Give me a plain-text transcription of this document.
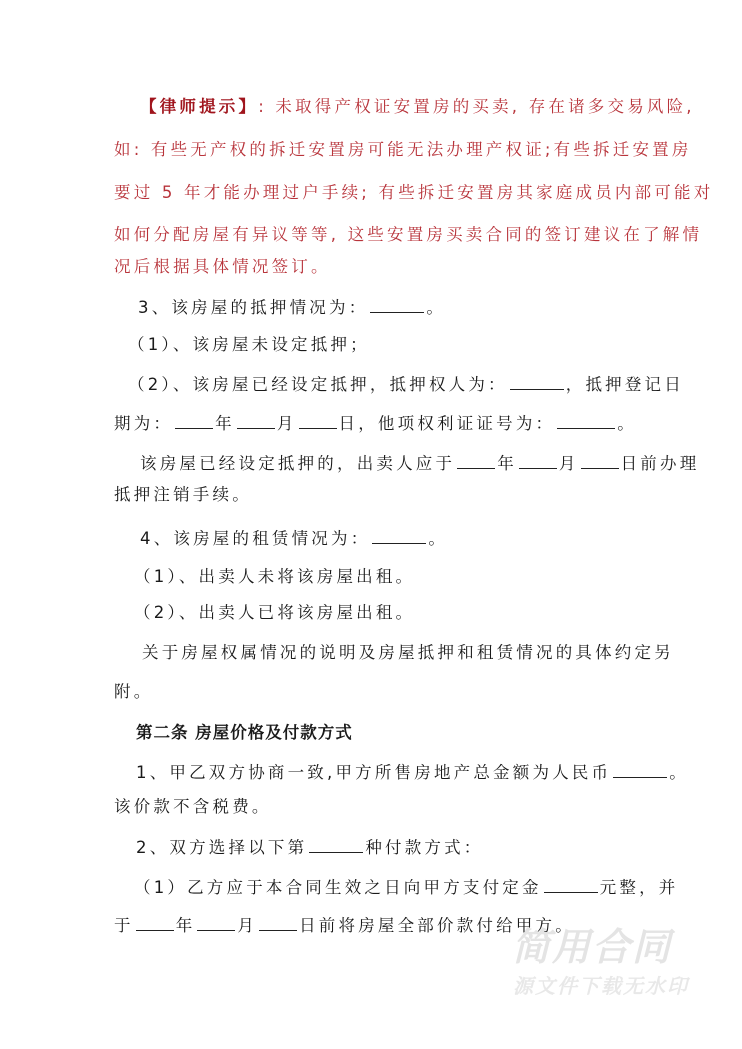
【律师提示】: 未取得产权证安置房的买卖, 存在诸多交易风险,
如: 有些无产权的拆迁安置房可能无法办理产权证;有些拆迁安置房
要过 5 年才能办理过户手续; 有些拆迁安置房其家庭成员内部可能对
如何分配房屋有异议等等, 这些安置房买卖合同的签订建议在了解情
况后根据具体情况签订。
3、该房屋的抵押情况为：	。
（1）、该房屋未设定抵押；
（2）、该房屋已经设定抵押，抵押权人为：	，抵押登记日
期为：	年	月	日，他项权利证证号为：	。
该房屋已经设定抵押的，出卖人应于	年	月	日前办理
抵押注销手续。
4、该房屋的租赁情况为：	。
（1）、出卖人未将该房屋出租。
（2）、出卖人已将该房屋出租。
关于房屋权属情况的说明及房屋抵押和租赁情况的具体约定另
附。
第二条 房屋价格及付款方式
1、甲乙双方协商一致,甲方所售房地产总金额为人民币	。
该价款不含税费。
2、双方选择以下第	种付款方式：
（1）乙方应于本合同生效之日向甲方支付定金	元整，并
于	年	月	日前将房屋全部价款付给甲方。
简用合同
源文件下载无水印
